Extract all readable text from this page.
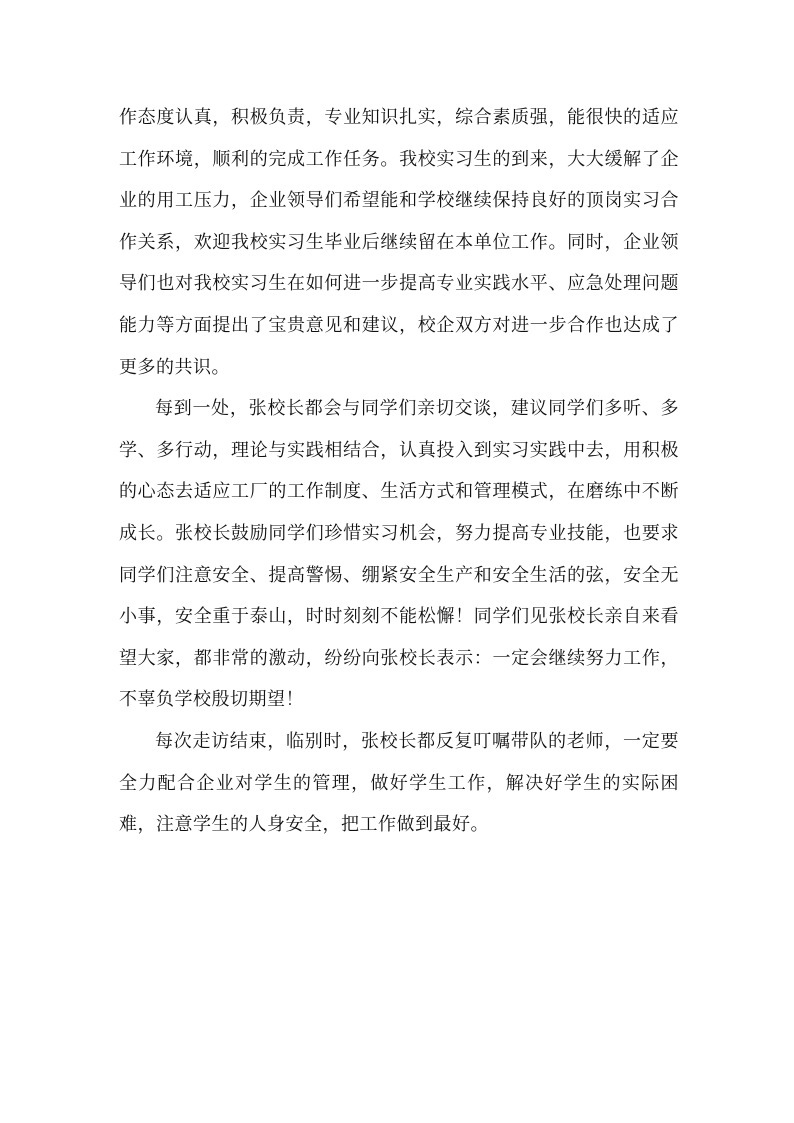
作态度认真，积极负责，专业知识扎实，综合素质强，能很快的适应工作环境，顺利的完成工作任务。我校实习生的到来，大大缓解了企业的用工压力，企业领导们希望能和学校继续保持良好的顶岗实习合作关系，欢迎我校实习生毕业后继续留在本单位工作。同时，企业领导们也对我校实习生在如何进一步提高专业实践水平、应急处理问题能力等方面提出了宝贵意见和建议，校企双方对进一步合作也达成了更多的共识。

每到一处，张校长都会与同学们亲切交谈，建议同学们多听、多学、多行动，理论与实践相结合，认真投入到实习实践中去，用积极的心态去适应工厂的工作制度、生活方式和管理模式，在磨练中不断成长。张校长鼓励同学们珍惜实习机会，努力提高专业技能，也要求同学们注意安全、提高警惕、绷紧安全生产和安全生活的弦，安全无小事，安全重于泰山，时时刻刻不能松懈！同学们见张校长亲自来看望大家，都非常的激动，纷纷向张校长表示：一定会继续努力工作，不辜负学校殷切期望！

每次走访结束，临别时，张校长都反复叮嘱带队的老师，一定要全力配合企业对学生的管理，做好学生工作，解决好学生的实际困难，注意学生的人身安全，把工作做到最好。
